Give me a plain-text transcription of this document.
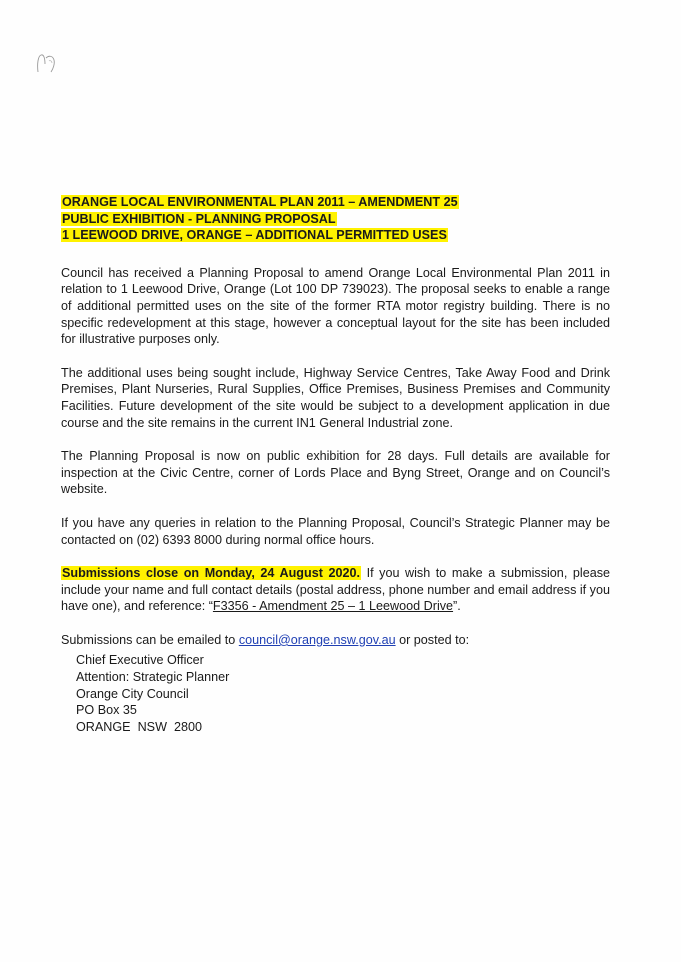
ORANGE LOCAL ENVIRONMENTAL PLAN 2011 – AMENDMENT 25
PUBLIC EXHIBITION - PLANNING PROPOSAL
1 LEEWOOD DRIVE, ORANGE – ADDITIONAL PERMITTED USES

Council has received a Planning Proposal to amend Orange Local Environmental Plan 2011 in relation to 1 Leewood Drive, Orange (Lot 100 DP 739023). The proposal seeks to enable a range of additional permitted uses on the site of the former RTA motor registry building. There is no specific redevelopment at this stage, however a conceptual layout for the site has been included for illustrative purposes only.

The additional uses being sought include, Highway Service Centres, Take Away Food and Drink Premises, Plant Nurseries, Rural Supplies, Office Premises, Business Premises and Community Facilities. Future development of the site would be subject to a development application in due course and the site remains in the current IN1 General Industrial zone.

The Planning Proposal is now on public exhibition for 28 days. Full details are available for inspection at the Civic Centre, corner of Lords Place and Byng Street, Orange and on Council’s website.

If you have any queries in relation to the Planning Proposal, Council’s Strategic Planner may be contacted on (02) 6393 8000 during normal office hours.

Submissions close on Monday, 24 August 2020. If you wish to make a submission, please include your name and full contact details (postal address, phone number and email address if you have one), and reference: “F3356 - Amendment 25 – 1 Leewood Drive”.

Submissions can be emailed to council@orange.nsw.gov.au or posted to:

Chief Executive Officer
Attention: Strategic Planner
Orange City Council
PO Box 35
ORANGE  NSW  2800
